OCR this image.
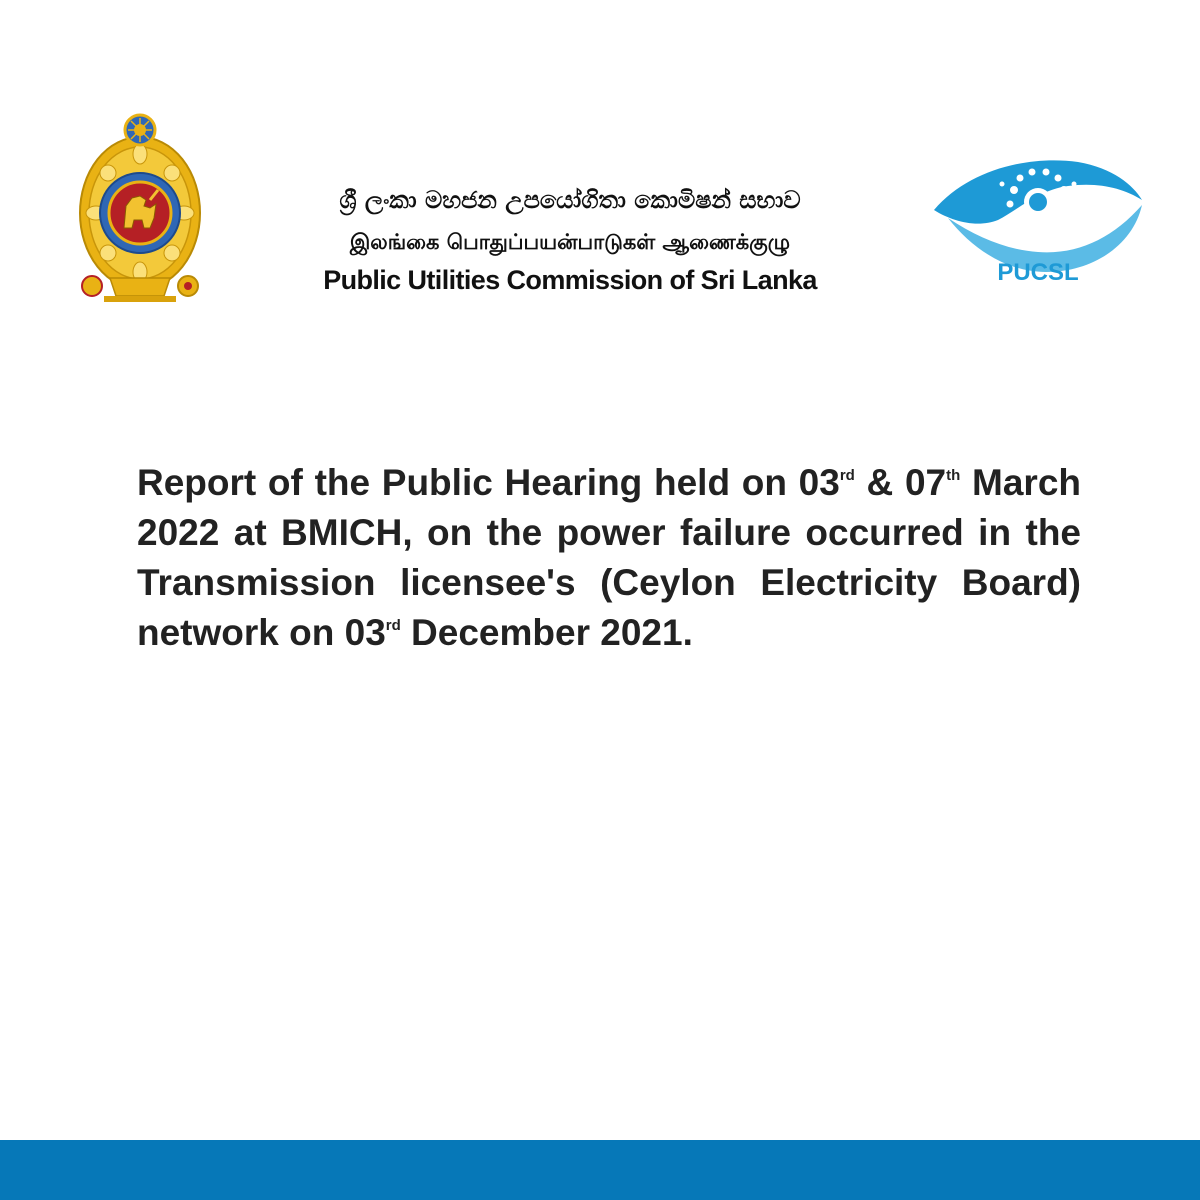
ශ්‍රී ලංකා මහජන උපයෝගිතා කොමිෂන් සභාව
இலங்கை பொதுப்பயன்பாடுகள் ஆணைக்குழு
Public Utilities Commission of Sri Lanka	PUCSL

Report of the Public Hearing held on 03rd & 07th March 2022 at BMICH, on the power failure occurred in the Transmission licensee's (Ceylon Electricity Board) network on 03rd December 2021.
